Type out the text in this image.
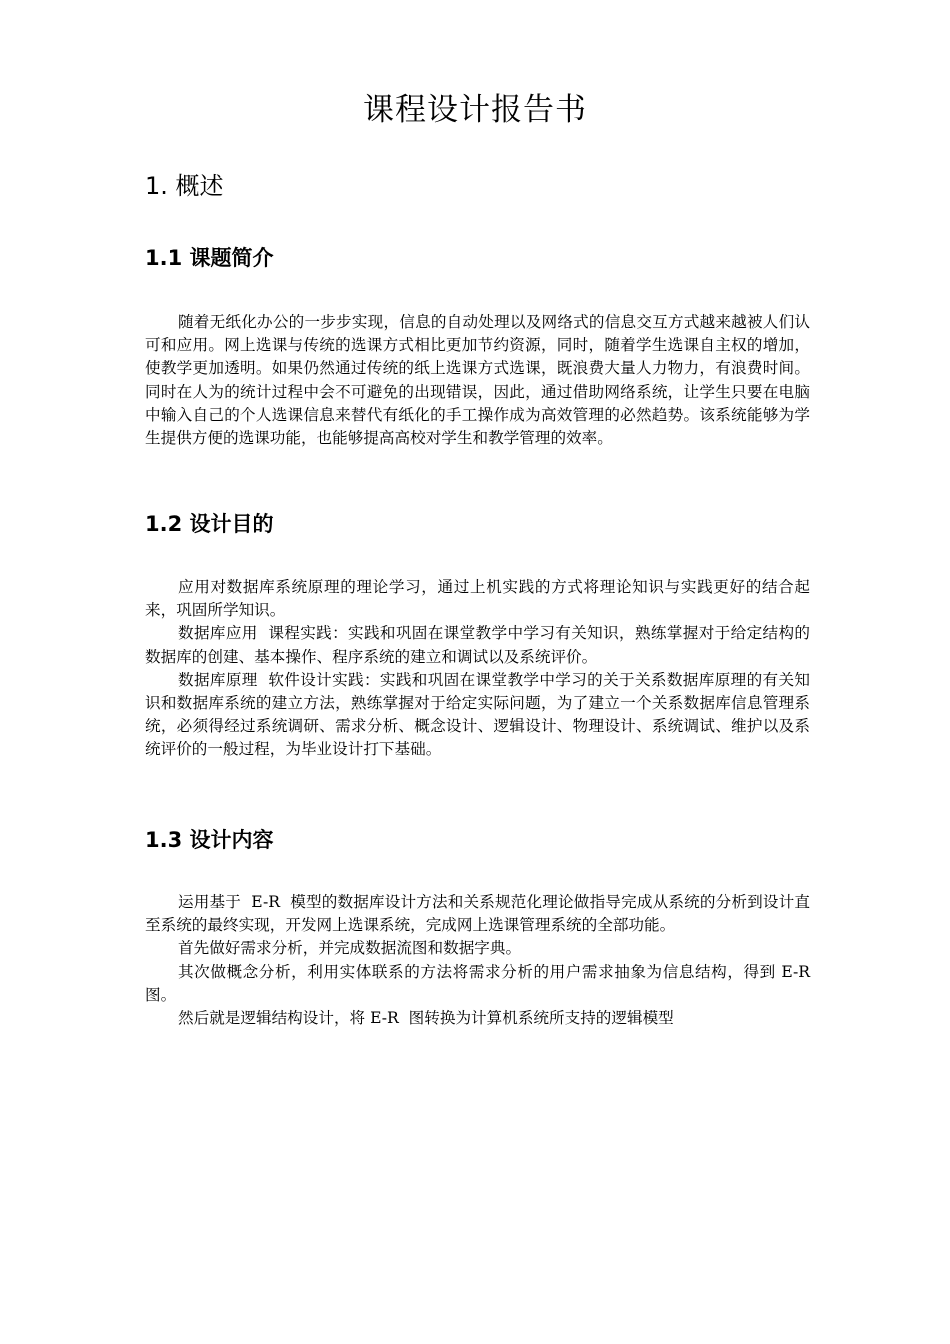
课程设计报告书
1. 概述
1.1 课题简介

随着无纸化办公的一步步实现，信息的自动处理以及网络式的信息交互方式越来越被人们认可和应用。网上选课与传统的选课方式相比更加节约资源，同时，随着学生选课自主权的增加，使教学更加透明。如果仍然通过传统的纸上选课方式选课，既浪费大量人力物力，有浪费时间。同时在人为的统计过程中会不可避免的出现错误，因此，通过借助网络系统，让学生只要在电脑中输入自己的个人选课信息来替代有纸化的手工操作成为高效管理的必然趋势。该系统能够为学生提供方便的选课功能，也能够提高高校对学生和教学管理的效率。

1.2 设计目的

应用对数据库系统原理的理论学习，通过上机实践的方式将理论知识与实践更好的结合起来，巩固所学知识。

数据库应用  课程实践：实践和巩固在课堂教学中学习有关知识，熟练掌握对于给定结构的数据库的创建、基本操作、程序系统的建立和调试以及系统评价。

数据库原理  软件设计实践：实践和巩固在课堂教学中学习的关于关系数据库原理的有关知识和数据库系统的建立方法，熟练掌握对于给定实际问题，为了建立一个关系数据库信息管理系统，必须得经过系统调研、需求分析、概念设计、逻辑设计、物理设计、系统调试、维护以及系统评价的一般过程，为毕业设计打下基础。

1.3 设计内容

运用基于  E-R  模型的数据库设计方法和关系规范化理论做指导完成从系统的分析到设计直至系统的最终实现，开发网上选课系统，完成网上选课管理系统的全部功能。

首先做好需求分析，并完成数据流图和数据字典。

其次做概念分析，利用实体联系的方法将需求分析的用户需求抽象为信息结构，得到 E-R  图。

然后就是逻辑结构设计，将 E-R  图转换为计算机系统所支持的逻辑模型
